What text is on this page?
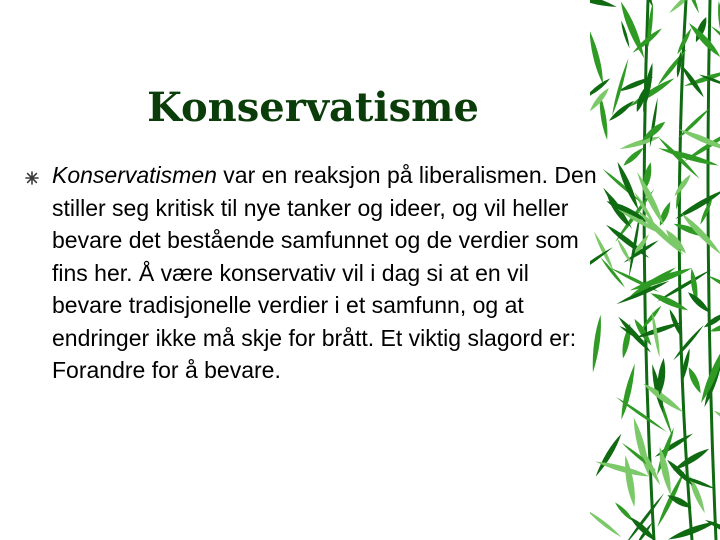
Konservatisme
Konservatismen var en reaksjon på liberalismen. Den stiller seg kritisk til nye tanker og ideer, og vil heller bevare det bestående samfunnet og de verdier som fins her. Å være konservativ vil i dag si at en vil bevare tradisjonelle verdier i et samfunn, og at endringer ikke må skje for brått. Et viktig slagord er: Forandre for å bevare.
